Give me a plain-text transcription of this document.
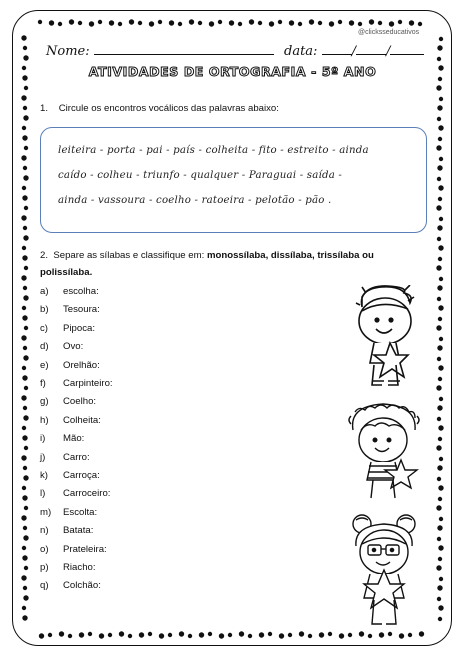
@clicksseducativos
Nome:	data:	/ /
ATIVIDADES DE ORTOGRAFIA - 5º ANO
1. Circule os encontros vocálicos das palavras abaixo:
leiteira - porta - pai - país - colheita - fito - estreito - ainda
caído - colheu - triunfo - qualquer - Paraguai - saída -
ainda - vassoura - coelho - ratoeira - pelotão - pão .
2. Separe as sílabas e classifique em: monossílaba, dissílaba, trissílaba ou
polissílaba.
a)	escolha:
b)	Tesoura:
c)	Pipoca:
d)	Ovo:
e)	Orelhão:
f)	Carpinteiro:
g)	Coelho:
h)	Colheita:
i)	Mão:
j)	Carro:
k)	Carroça:
l)	Carroceiro:
m)	Escolta:
n)	Batata:
o)	Prateleira:
p)	Riacho:
q)	Colchão:
